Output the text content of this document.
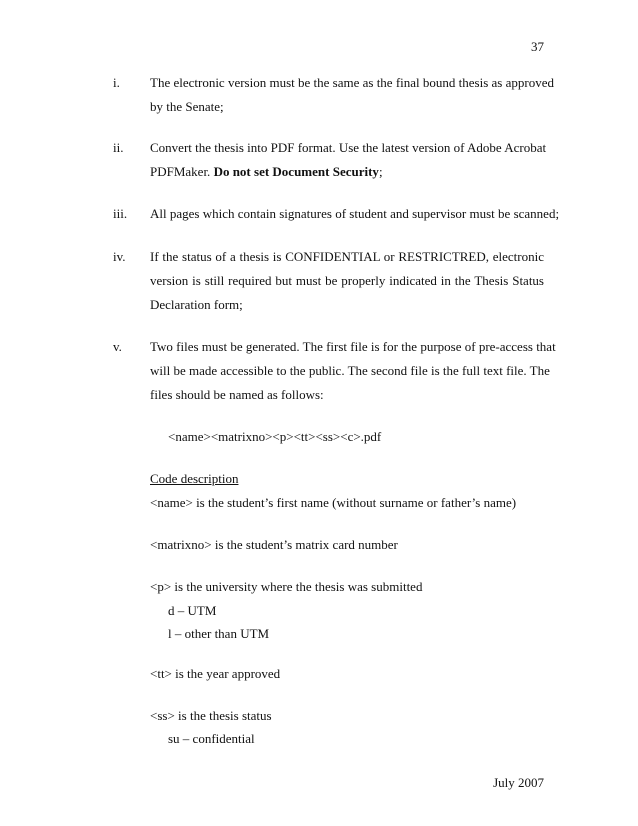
37
i. The electronic version must be the same as the final bound thesis as approved
by the Senate;
ii. Convert the thesis into PDF format. Use the latest version of Adobe Acrobat
PDFMaker. Do not set Document Security;
iii. All pages which contain signatures of student and supervisor must be scanned;
iv. If the status of a thesis is CONFIDENTIAL or RESTRICTRED, electronic
version is still required but must be properly indicated in the Thesis Status
Declaration form;
v. Two files must be generated. The first file is for the purpose of pre-access that
will be made accessible to the public. The second file is the full text file. The
files should be named as follows:
<name><matrixno><p><tt><ss><c>.pdf
Code description
<name> is the student’s first name (without surname or father’s name)
<matrixno> is the student’s matrix card number
<p> is the university where the thesis was submitted
d – UTM
l – other than UTM
<tt> is the year approved
<ss> is the thesis status
su – confidential
July 2007
